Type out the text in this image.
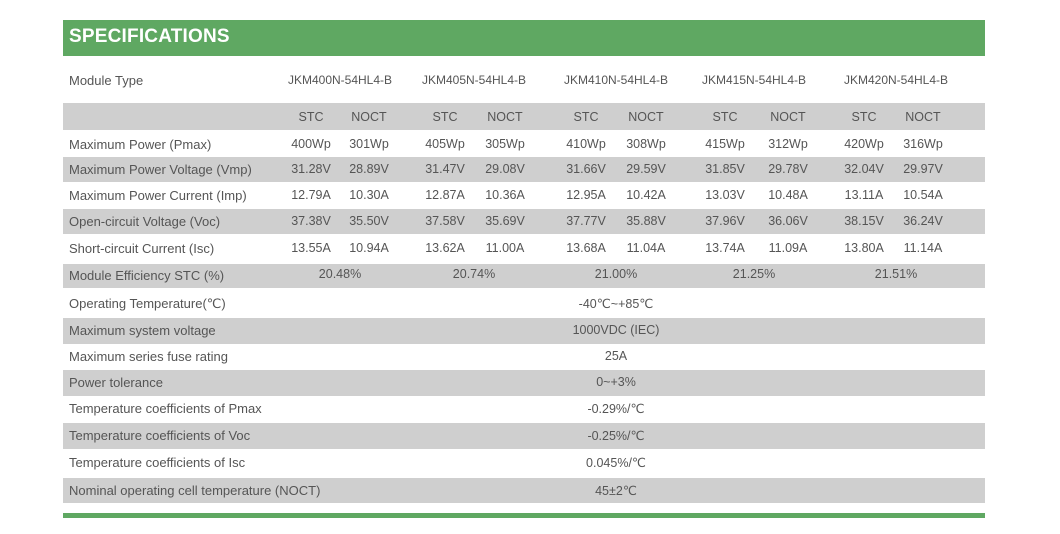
SPECIFICATIONS
Module Type	JKM400N-54HL4-B	JKM405N-54HL4-B	JKM410N-54HL4-B	JKM415N-54HL4-B	JKM420N-54HL4-B
STC	NOCT	STC	NOCT	STC	NOCT	STC	NOCT	STC	NOCT
Maximum Power (Pmax)	400Wp	301Wp	405Wp	305Wp	410Wp	308Wp	415Wp	312Wp	420Wp	316Wp
Maximum Power Voltage (Vmp)	31.28V	28.89V	31.47V	29.08V	31.66V	29.59V	31.85V	29.78V	32.04V	29.97V
Maximum Power Current (Imp)	12.79A	10.30A	12.87A	10.36A	12.95A	10.42A	13.03V	10.48A	13.11A	10.54A
Open-circuit Voltage (Voc)	37.38V	35.50V	37.58V	35.69V	37.77V	35.88V	37.96V	36.06V	38.15V	36.24V
Short-circuit Current (Isc)	13.55A	10.94A	13.62A	11.00A	13.68A	11.04A	13.74A	11.09A	13.80A	11.14A
Module Efficiency STC (%)	20.48%	20.74%	21.00%	21.25%	21.51%
Operating Temperature(℃)	-40℃~+85℃
Maximum system voltage	1000VDC (IEC)
Maximum series fuse rating	25A
Power tolerance	0~+3%
Temperature coefficients of Pmax	-0.29%/℃
Temperature coefficients of Voc	-0.25%/℃
Temperature coefficients of Isc	0.045%/℃
Nominal operating cell temperature (NOCT)	45±2℃
